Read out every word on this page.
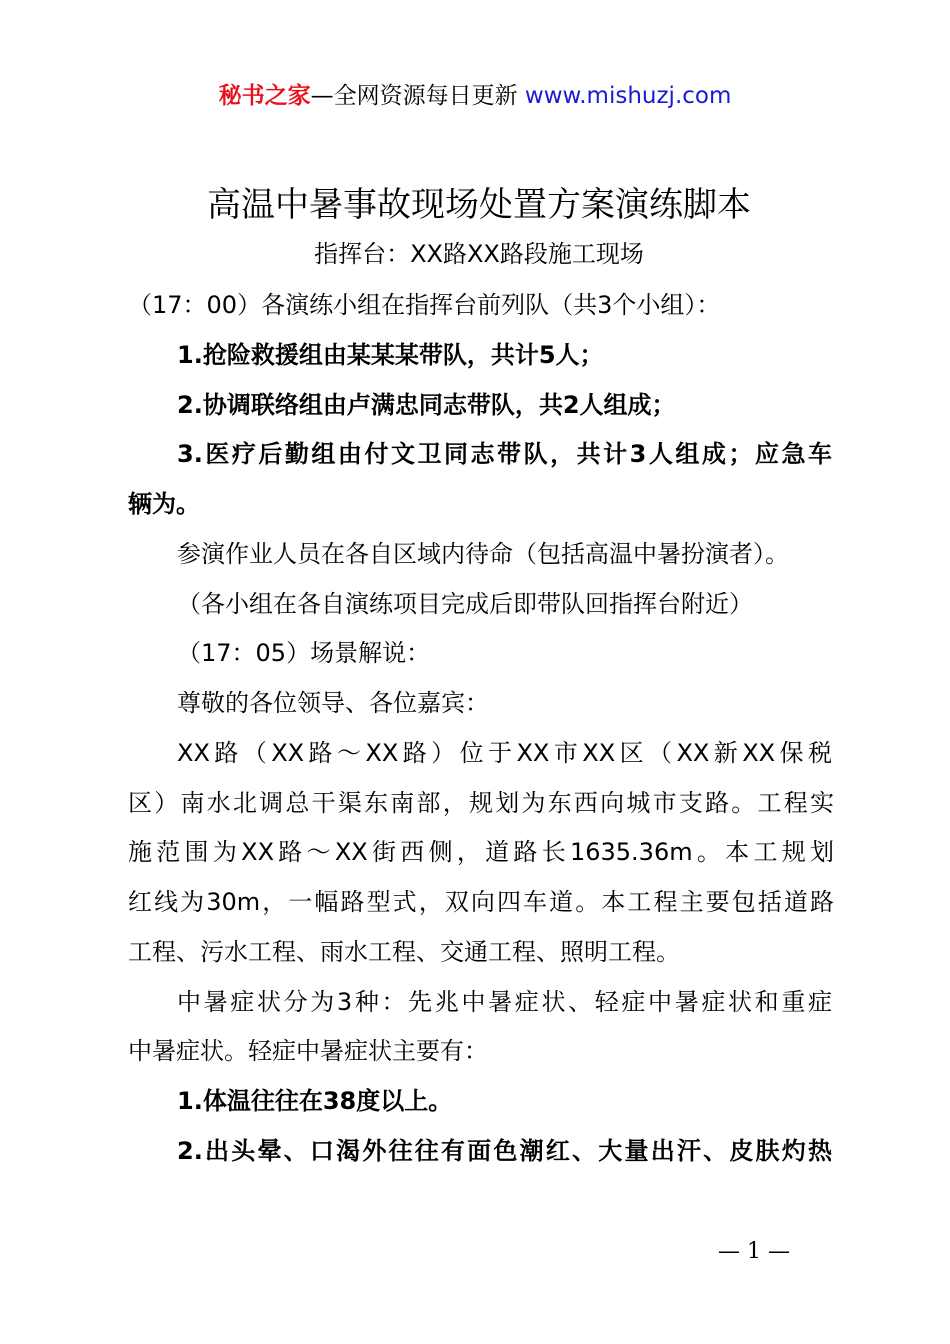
秘书之家—全网资源每日更新 www.mishuzj.com
高温中暑事故现场处置方案演练脚本
指挥台：XX路XX路段施工现场
（17：00）各演练小组在指挥台前列队（共3个小组）：
1.抢险救援组由某某某带队，共计5人；
2.协调联络组由卢满忠同志带队，共2人组成；
3.医疗后勤组由付文卫同志带队，共计3人组成；应急车
辆为。
参演作业人员在各自区域内待命（包括高温中暑扮演者）。
（各小组在各自演练项目完成后即带队回指挥台附近）
（17：05）场景解说：
尊敬的各位领导、各位嘉宾：
XX路（XX路～XX路）位于XX市XX区（XX新XX保税
区）南水北调总干渠东南部，规划为东西向城市支路。工程实
施范围为XX路～XX街西侧，道路长1635.36m。本工规划
红线为30m，一幅路型式，双向四车道。本工程主要包括道路
工程、污水工程、雨水工程、交通工程、照明工程。
中暑症状分为3种：先兆中暑症状、轻症中暑症状和重症
中暑症状。轻症中暑症状主要有：
1.体温往往在38度以上。
2.出头晕、口渴外往往有面色潮红、大量出汗、皮肤灼热
— 1 —
